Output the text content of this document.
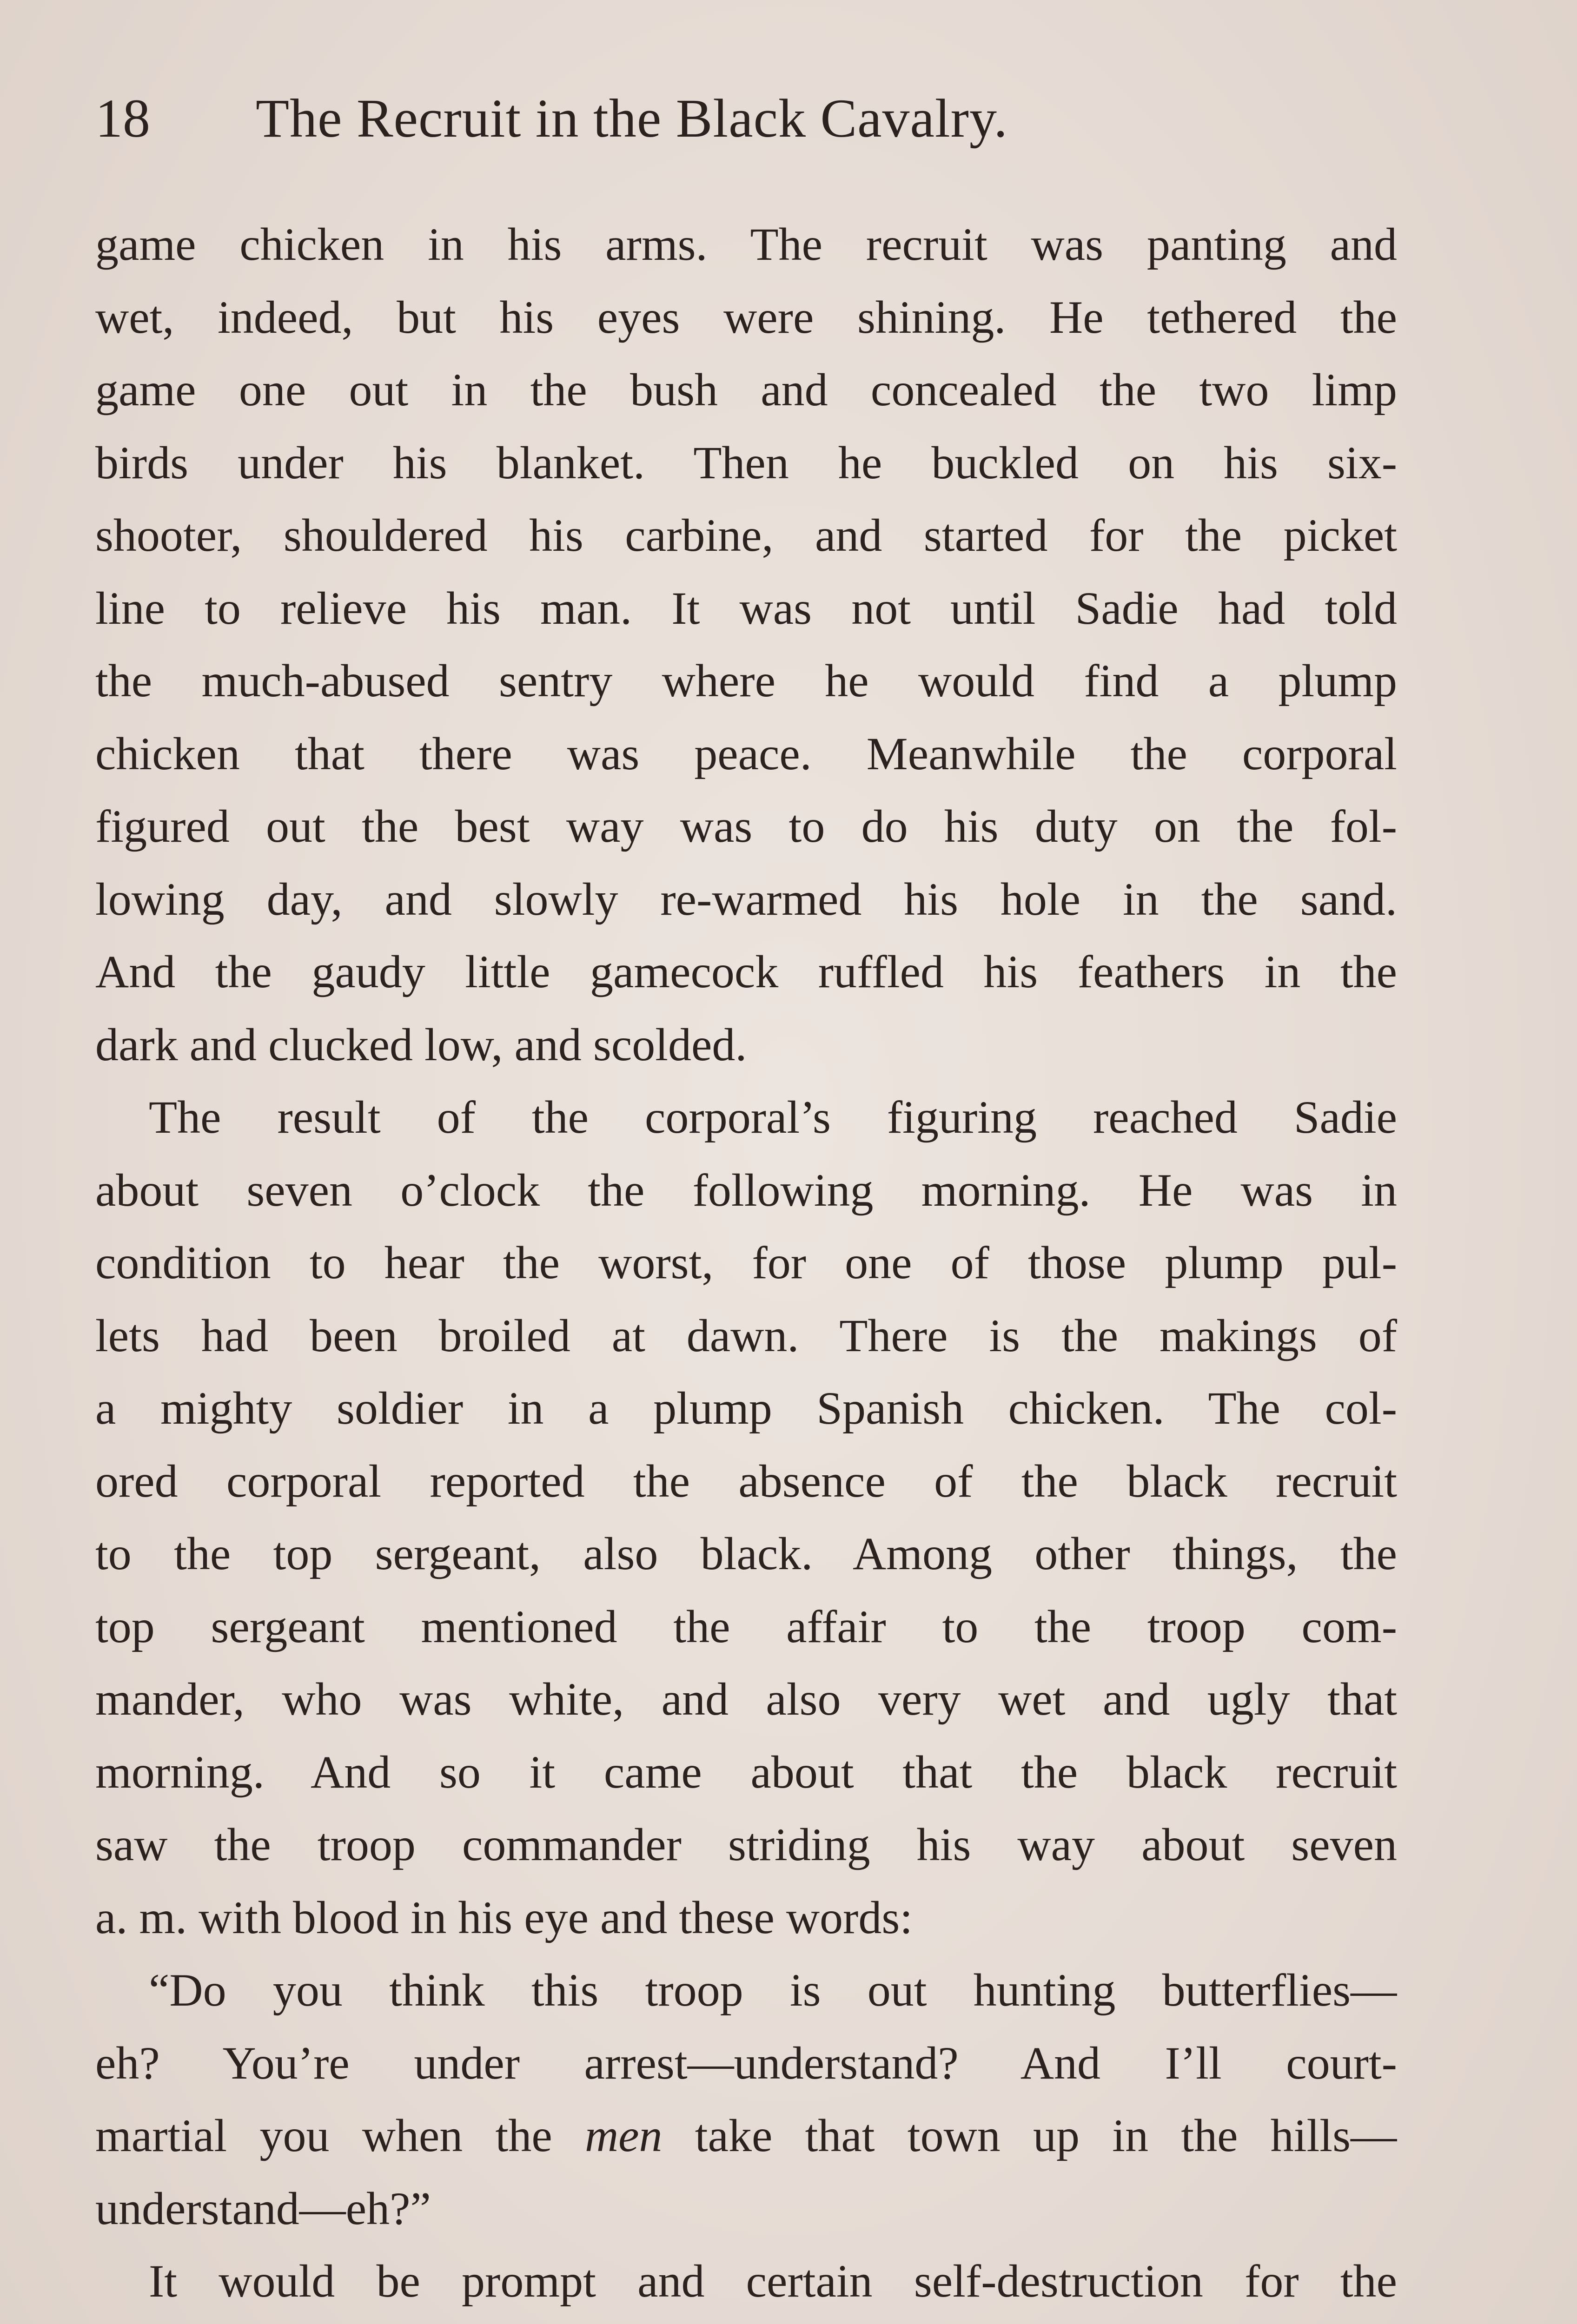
18 The Recruit in the Black Cavalry.
game chicken in his arms. The recruit was panting and
wet, indeed, but his eyes were shining. He tethered the
game one out in the bush and concealed the two limp
birds under his blanket. Then he buckled on his six-
shooter, shouldered his carbine, and started for the picket
line to relieve his man. It was not until Sadie had told
the much-abused sentry where he would find a plump
chicken that there was peace. Meanwhile the corporal
figured out the best way was to do his duty on the fol-
lowing day, and slowly re-warmed his hole in the sand.
And the gaudy little gamecock ruffled his feathers in the
dark and clucked low, and scolded.
The result of the corporal’s figuring reached Sadie
about seven o’clock the following morning. He was in
condition to hear the worst, for one of those plump pul-
lets had been broiled at dawn. There is the makings of
a mighty soldier in a plump Spanish chicken. The col-
ored corporal reported the absence of the black recruit
to the top sergeant, also black. Among other things, the
top sergeant mentioned the affair to the troop com-
mander, who was white, and also very wet and ugly that
morning. And so it came about that the black recruit
saw the troop commander striding his way about seven
a. m. with blood in his eye and these words:
“Do you think this troop is out hunting butterflies—
eh? You’re under arrest—understand? And I’ll court-
martial you when the men take that town up in the hills—
understand—eh?”
It would be prompt and certain self-destruction for the
